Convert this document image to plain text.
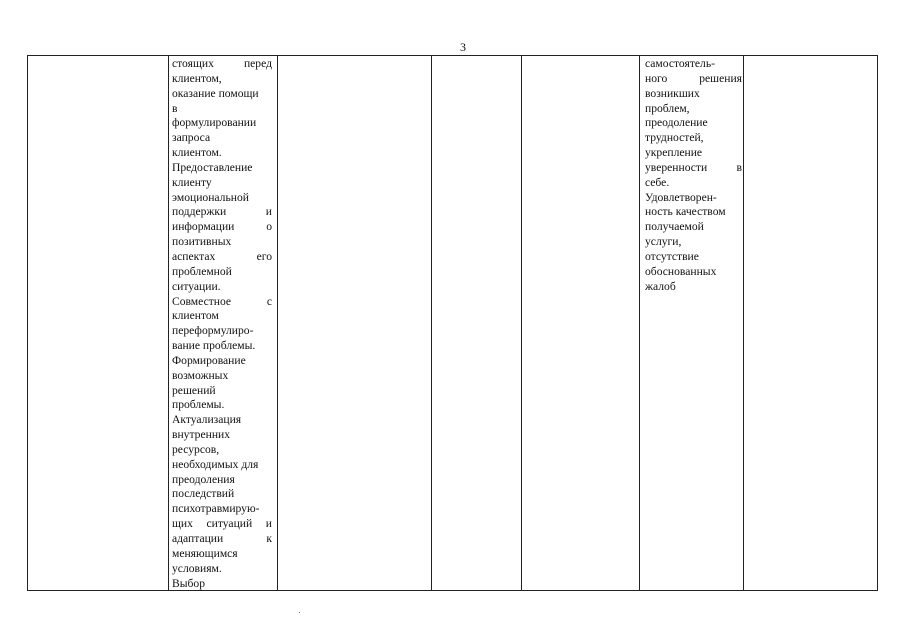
3
стоящих перед
клиентом,
оказание помощи
в
формулировании
запроса
клиентом.
Предоставление
клиенту
эмоциональной
поддержки и
информации о
позитивных
аспектах его
проблемной
ситуации.
Совместное с
клиентом
переформулиро-
вание проблемы.
Формирование
возможных
решений
проблемы.
Актуализация
внутренних
ресурсов,
необходимых для
преодоления
последствий
психотравмирую-
щих ситуаций и
адаптации к
меняющимся
условиям.
Выбор
самостоятель-
ного решения
возникших
проблем,
преодоление
трудностей,
укрепление
уверенности в
себе.
Удовлетворен-
ность качеством
получаемой
услуги,
отсутствие
обоснованных
жалоб
